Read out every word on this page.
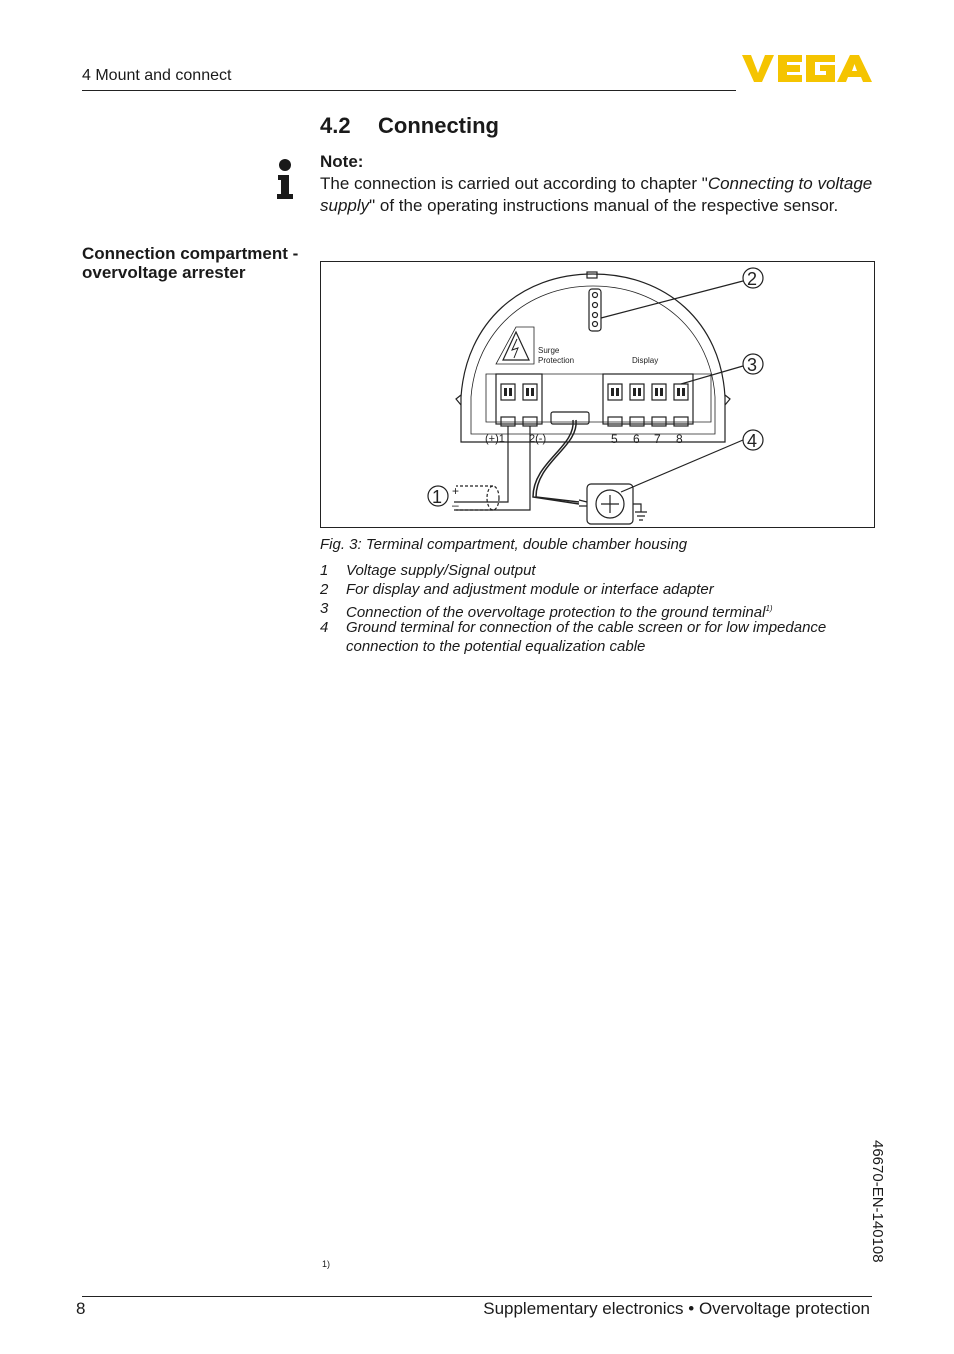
4 Mount and connect
4.2 Connecting
Note:
The connection is carried out according to chapter "Connecting to voltage supply" of the operating instructions manual of the respective sensor.
Connection compartment - overvoltage arrester
Surge
Protection	Display
(+)1 2(-)	5 6 7 8
+
–
2
3
4
1
Fig. 3: Terminal compartment, double chamber housing
1 Voltage supply/Signal output
2 For display and adjustment module or interface adapter
3 Connection of the overvoltage protection to the ground terminal$^{1)}$
4 Ground terminal for connection of the cable screen or for low impedance connection to the potential equalization cable
1)
46670-EN-140108
8	Supplementary electronics • Overvoltage protection
